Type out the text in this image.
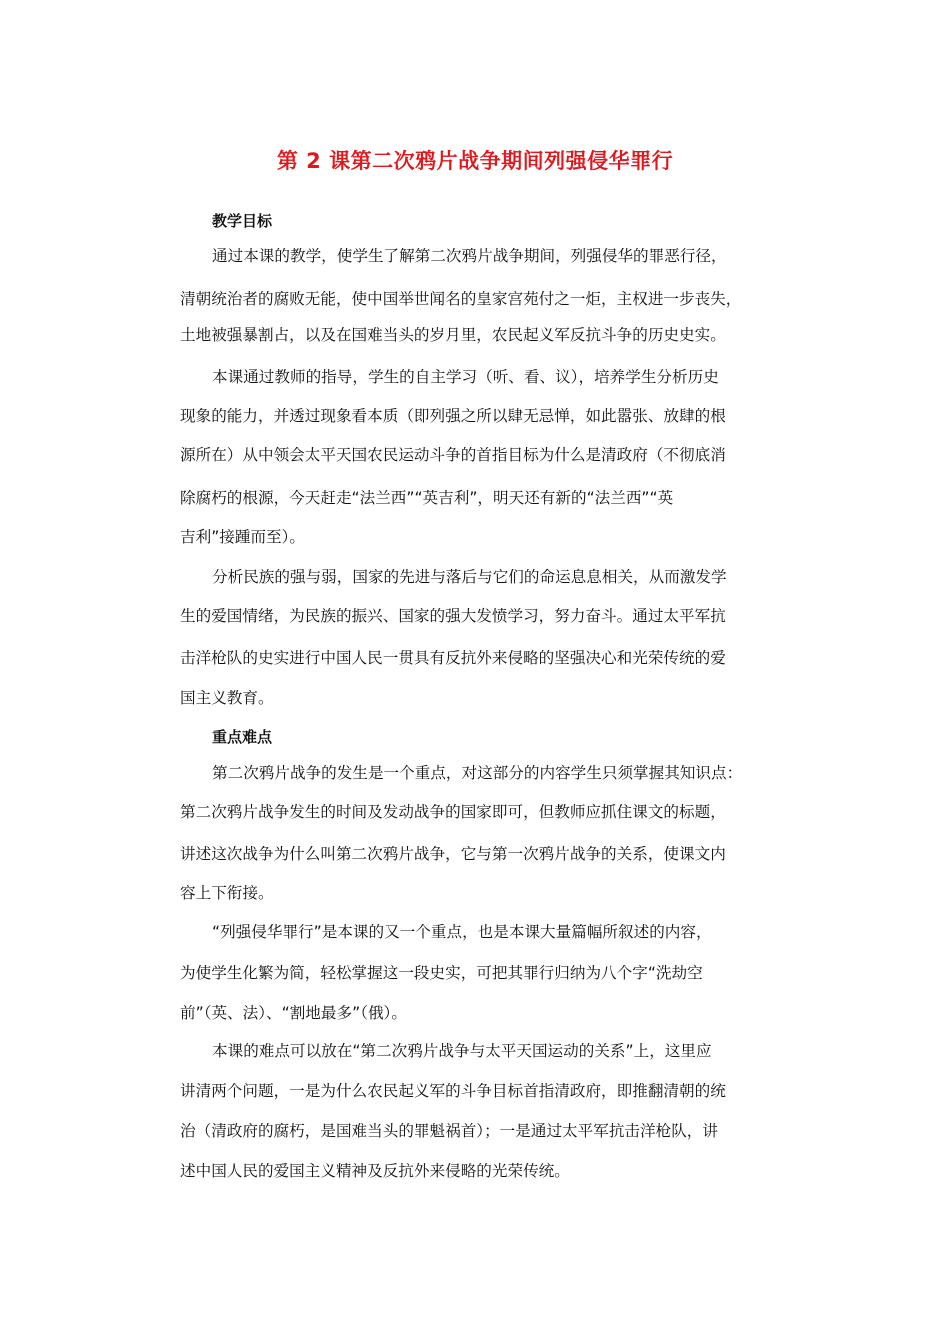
第 2 课第二次鸦片战争期间列强侵华罪行
教学目标
通过本课的教学，使学生了解第二次鸦片战争期间，列强侵华的罪恶行径，
清朝统治者的腐败无能，使中国举世闻名的皇家宫苑付之一炬，主权进一步丧失，
土地被强暴割占，以及在国难当头的岁月里，农民起义军反抗斗争的历史史实。
本课通过教师的指导，学生的自主学习（听、看、议），培养学生分析历史
现象的能力，并透过现象看本质（即列强之所以肆无忌惮，如此嚣张、放肆的根
源所在）从中领会太平天国农民运动斗争的首指目标为什么是清政府（不彻底消
除腐朽的根源，今天赶走“法兰西”“英吉利”，明天还有新的“法兰西”“英
吉利”接踵而至）。
分析民族的强与弱，国家的先进与落后与它们的命运息息相关，从而激发学
生的爱国情绪，为民族的振兴、国家的强大发愤学习，努力奋斗。通过太平军抗
击洋枪队的史实进行中国人民一贯具有反抗外来侵略的坚强决心和光荣传统的爱
国主义教育。
重点难点
第二次鸦片战争的发生是一个重点，对这部分的内容学生只须掌握其知识点：
第二次鸦片战争发生的时间及发动战争的国家即可，但教师应抓住课文的标题，
讲述这次战争为什么叫第二次鸦片战争，它与第一次鸦片战争的关系，使课文内
容上下衔接。
“列强侵华罪行”是本课的又一个重点，也是本课大量篇幅所叙述的内容，
为使学生化繁为简，轻松掌握这一段史实，可把其罪行归纳为八个字“洗劫空
前”（英、法）、“割地最多”（俄）。
本课的难点可以放在“第二次鸦片战争与太平天国运动的关系”上，这里应
讲清两个问题，一是为什么农民起义军的斗争目标首指清政府，即推翻清朝的统
治（清政府的腐朽，是国难当头的罪魁祸首）；一是通过太平军抗击洋枪队，讲
述中国人民的爱国主义精神及反抗外来侵略的光荣传统。
